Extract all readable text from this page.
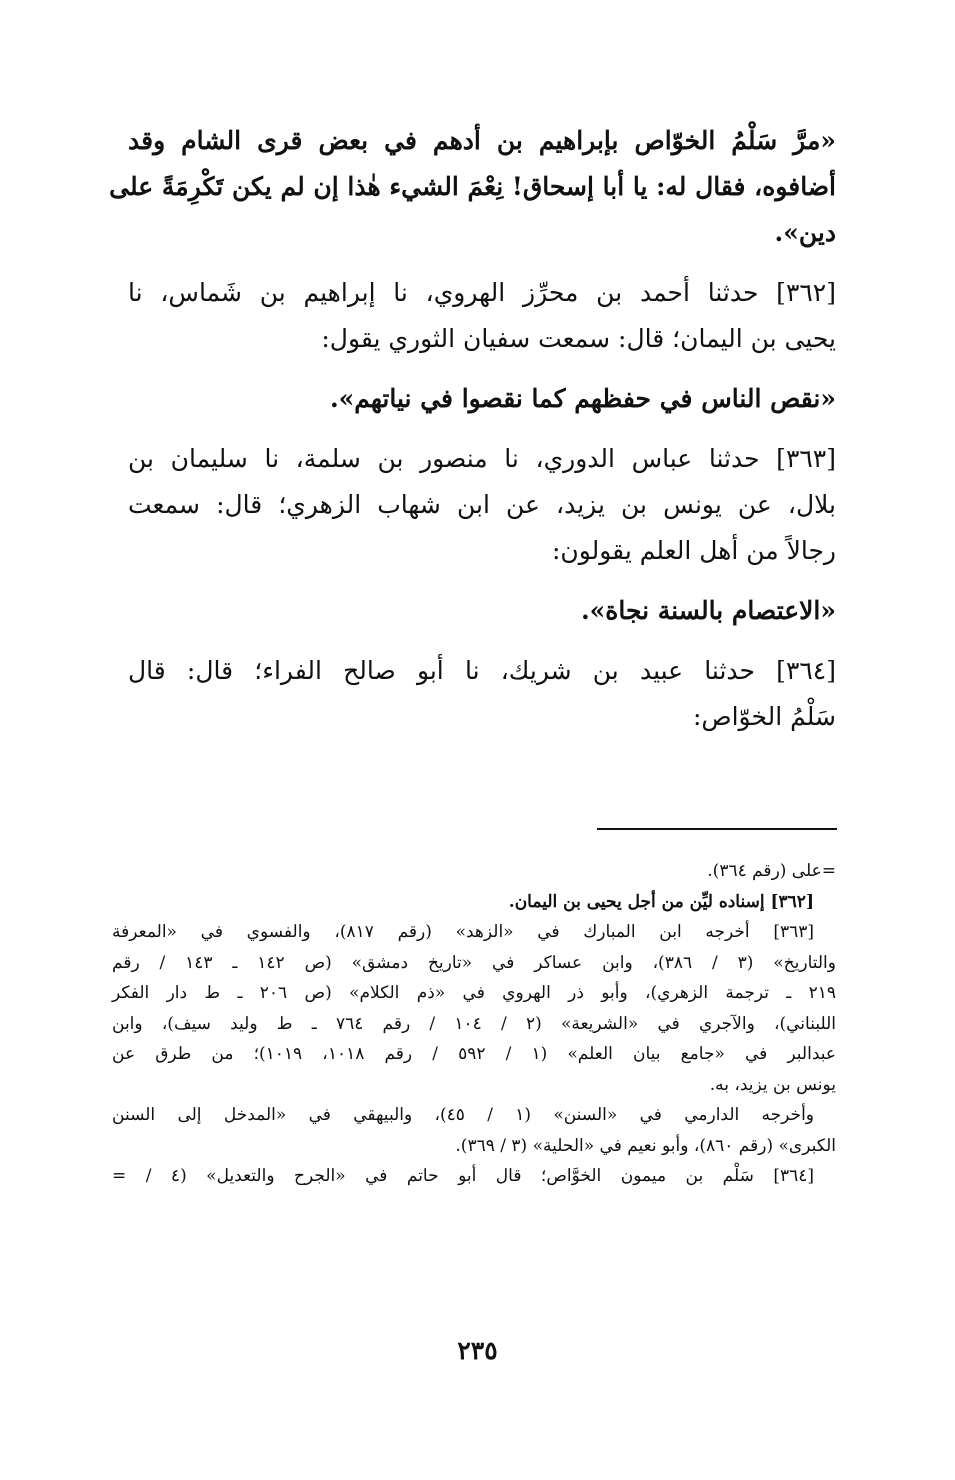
«مرَّ سَلْمُ الخوّاص بإبراهيم بن أدهم في بعض قرى الشام وقد
أضافوه، فقال له: يا أبا إسحاق! نِعْمَ الشيء هٰذا إن لم يكن تَكْرِمَةً على
دين».
[٣٦٢] حدثنا أحمد بن محرِّز الهروي، نا إبراهيم بن شَماس، نا
يحيى بن اليمان؛ قال: سمعت سفيان الثوري يقول:
«نقص الناس في حفظهم كما نقصوا في نياتهم».
[٣٦٣] حدثنا عباس الدوري، نا منصور بن سلمة، نا سليمان بن
بلال، عن يونس بن يزيد، عن ابن شهاب الزهري؛ قال: سمعت
رجالاً من أهل العلم يقولون:
«الاعتصام بالسنة نجاة».
[٣٦٤] حدثنا عبيد بن شريك، نا أبو صالح الفراء؛ قال: قال
سَلْمُ الخوّاص:
=على (رقم ٣٦٤).
[٣٦٢] إسناده ليِّن من أجل يحيى بن اليمان.
[٣٦٣] أخرجه ابن المبارك في «الزهد» (رقم ٨١٧)، والفسوي في «المعرفة
والتاريخ» (٣ / ٣٨٦)، وابن عساكر في «تاريخ دمشق» (ص ١٤٢ ـ ١٤٣ / رقم
٢١٩ ـ ترجمة الزهري)، وأبو ذر الهروي في «ذم الكلام» (ص ٢٠٦ ـ ط دار الفكر
اللبناني)، والآجري في «الشريعة» (٢ / ١٠٤ / رقم ٧٦٤ ـ ط وليد سيف)، وابن
عبدالبر في «جامع بيان العلم» (١ / ٥٩٢ / رقم ١٠١٨، ١٠١٩)؛ من طرق عن
يونس بن يزيد، به.
وأخرجه الدارمي في «السنن» (١ / ٤٥)، والبيهقي في «المدخل إلى السنن
الكبرى» (رقم ٨٦٠)، وأبو نعيم في «الحلية» (٣ / ٣٦٩).
[٣٦٤] سَلْم بن ميمون الخوَّاص؛ قال أبو حاتم في «الجرح والتعديل» (٤ / =
٢٣٥
